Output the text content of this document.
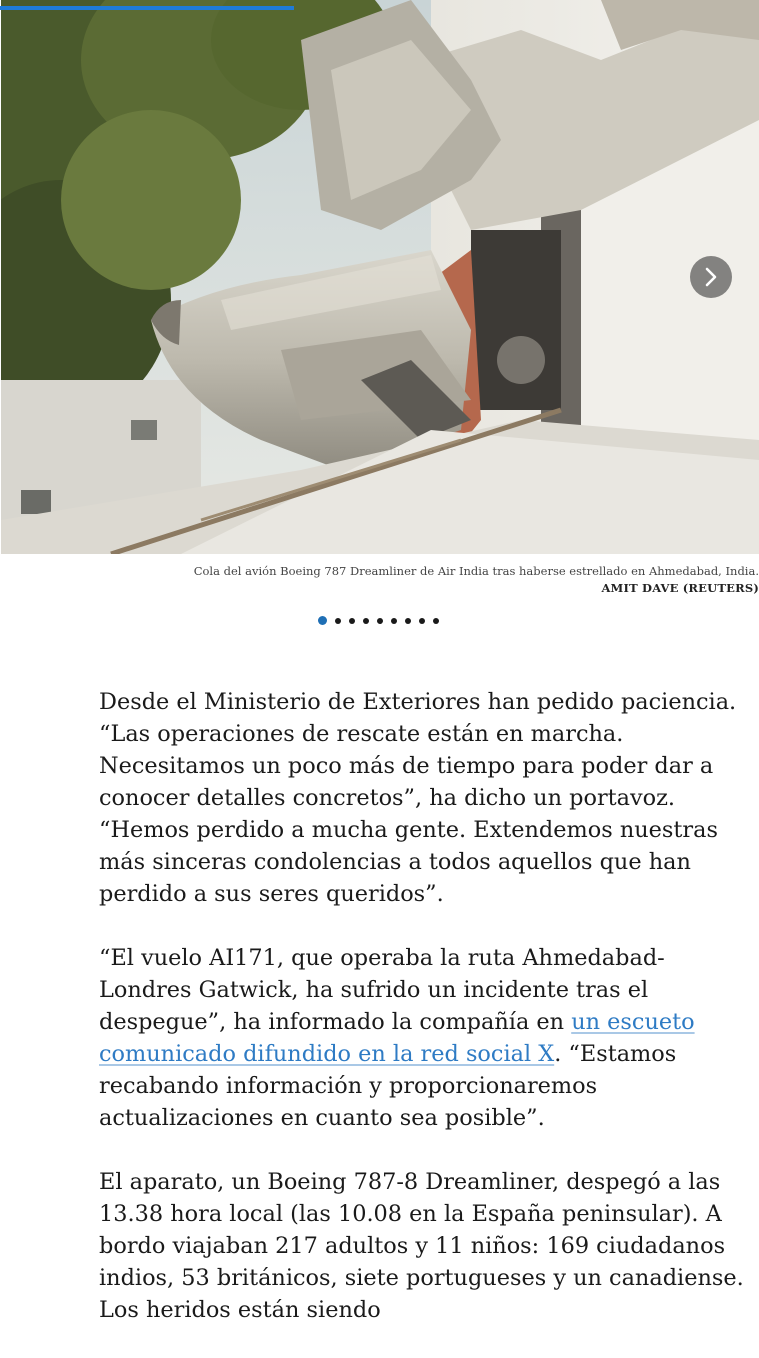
Cola del avión Boeing 787 Dreamliner de Air India tras haberse estrellado en Ahmedabad, India.
AMIT DAVE (REUTERS)

Desde el Ministerio de Exteriores han pedido paciencia. “Las operaciones de rescate están en marcha. Necesitamos un poco más de tiempo para poder dar a conocer detalles concretos”, ha dicho un portavoz. “Hemos perdido a mucha gente. Extendemos nuestras más sinceras condolencias a todos aquellos que han perdido a sus seres queridos”.

“El vuelo AI171, que operaba la ruta Ahmedabad-Londres Gatwick, ha sufrido un incidente tras el despegue”, ha informado la compañía en un escueto comunicado difundido en la red social X. “Estamos recabando información y proporcionaremos actualizaciones en cuanto sea posible”.

El aparato, un Boeing 787-8 Dreamliner, despegó a las 13.38 hora local (las 10.08 en la España peninsular). A bordo viajaban 217 adultos y 11 niños: 169 ciudadanos indios, 53 británicos, siete portugueses y un canadiense. Los heridos están siendo
